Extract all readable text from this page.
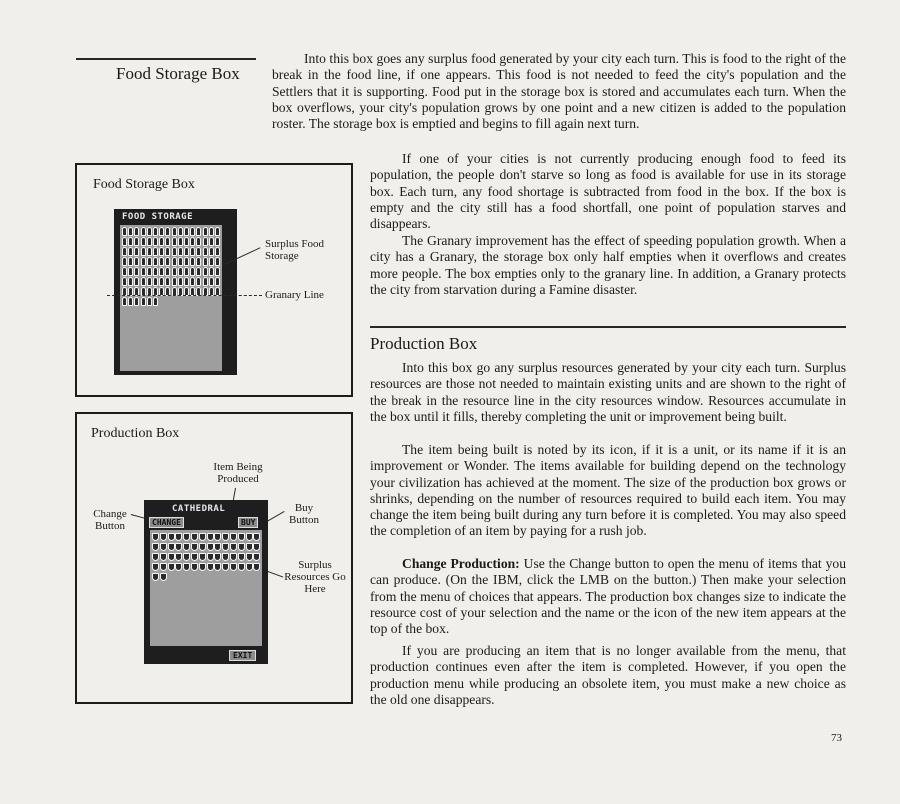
Food Storage Box

Into this box goes any surplus food generated by your city each turn. This is food to the right of the break in the food line, if one appears. This food is not needed to feed the city's population and the Settlers that it is supporting. Food put in the storage box is stored and accumulates each turn. When the box overflows, your city's population grows by one point and a new citizen is added to the population roster. The storage box is emptied and begins to fill again next turn.

If one of your cities is not currently producing enough food to feed its population, the people don't starve so long as food is available for use in its storage box. Each turn, any food shortage is subtracted from food in the box. If the box is empty and the city still has a food shortfall, one point of population starves and disappears.

The Granary improvement has the effect of speeding population growth. When a city has a Granary, the storage box only half empties when it overflows and creates more people. The box empties only to the granary line. In addition, a Granary protects the city from starvation during a Famine disaster.

Production Box

Into this box go any surplus resources generated by your city each turn. Surplus resources are those not needed to maintain existing units and are shown to the right of the break in the resource line in the city resources window. Resources accumulate in the box until it fills, thereby completing the unit or improvement being built.

The item being built is noted by its icon, if it is a unit, or its name if it is an improvement or Wonder. The items available for building depend on the technology your civilization has achieved at the moment. The size of the production box grows or shrinks, depending on the number of resources required to build each item. You may change the item being built during any turn before it is completed. You may also speed the completion of an item by paying for a rush job.

Change Production: Use the Change button to open the menu of items that you can produce. (On the IBM, click the LMB on the button.) Then make your selection from the menu of choices that appears. The production box changes size to indicate the resource cost of your selection and the name or the icon of the new item appears at the top of the box.

If you are producing an item that is no longer available from the menu, that production continues even after the item is completed. However, if you open the production menu while producing an obsolete item, you must make a new choice as the old one disappears.

73
Food Storage Box
FOOD STORAGE
Surplus Food Storage
Granary Line
Production Box
Item Being Produced
Change Button
Buy Button
Surplus Resources Go Here
CATHEDRAL
CHANGE	BUY
EXIT
